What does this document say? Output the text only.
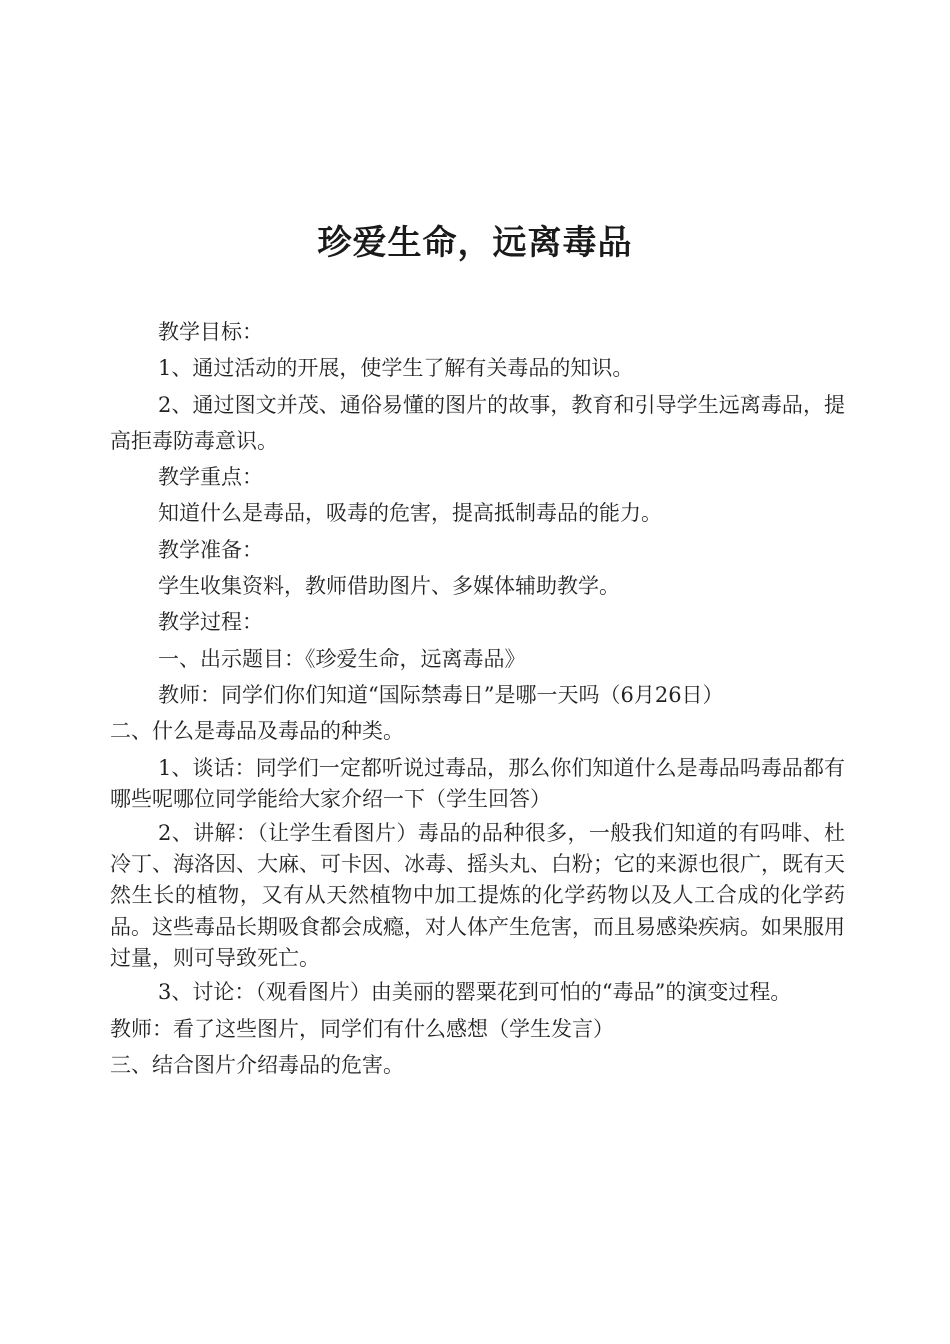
珍爱生命，远离毒品

教学目标：

1、通过活动的开展，使学生了解有关毒品的知识。

2、通过图文并茂、通俗易懂的图片的故事，教育和引导学生远离毒品，提高拒毒防毒意识。

教学重点：

知道什么是毒品，吸毒的危害，提高抵制毒品的能力。

教学准备：

学生收集资料，教师借助图片、多媒体辅助教学。

教学过程：

一、出示题目：《珍爱生命，远离毒品》

教师：同学们你们知道“国际禁毒日”是哪一天吗（6月26日）

二、什么是毒品及毒品的种类。

1、谈话：同学们一定都听说过毒品，那么你们知道什么是毒品吗毒品都有哪些呢哪位同学能给大家介绍一下（学生回答）

2、讲解：（让学生看图片）毒品的品种很多，一般我们知道的有吗啡、杜冷丁、海洛因、大麻、可卡因、冰毒、摇头丸、白粉；它的来源也很广，既有天然生长的植物，又有从天然植物中加工提炼的化学药物以及人工合成的化学药品。这些毒品长期吸食都会成瘾，对人体产生危害，而且易感染疾病。如果服用过量，则可导致死亡。

3、讨论：（观看图片）由美丽的罂粟花到可怕的“毒品”的演变过程。

教师：看了这些图片，同学们有什么感想（学生发言）

三、结合图片介绍毒品的危害。
